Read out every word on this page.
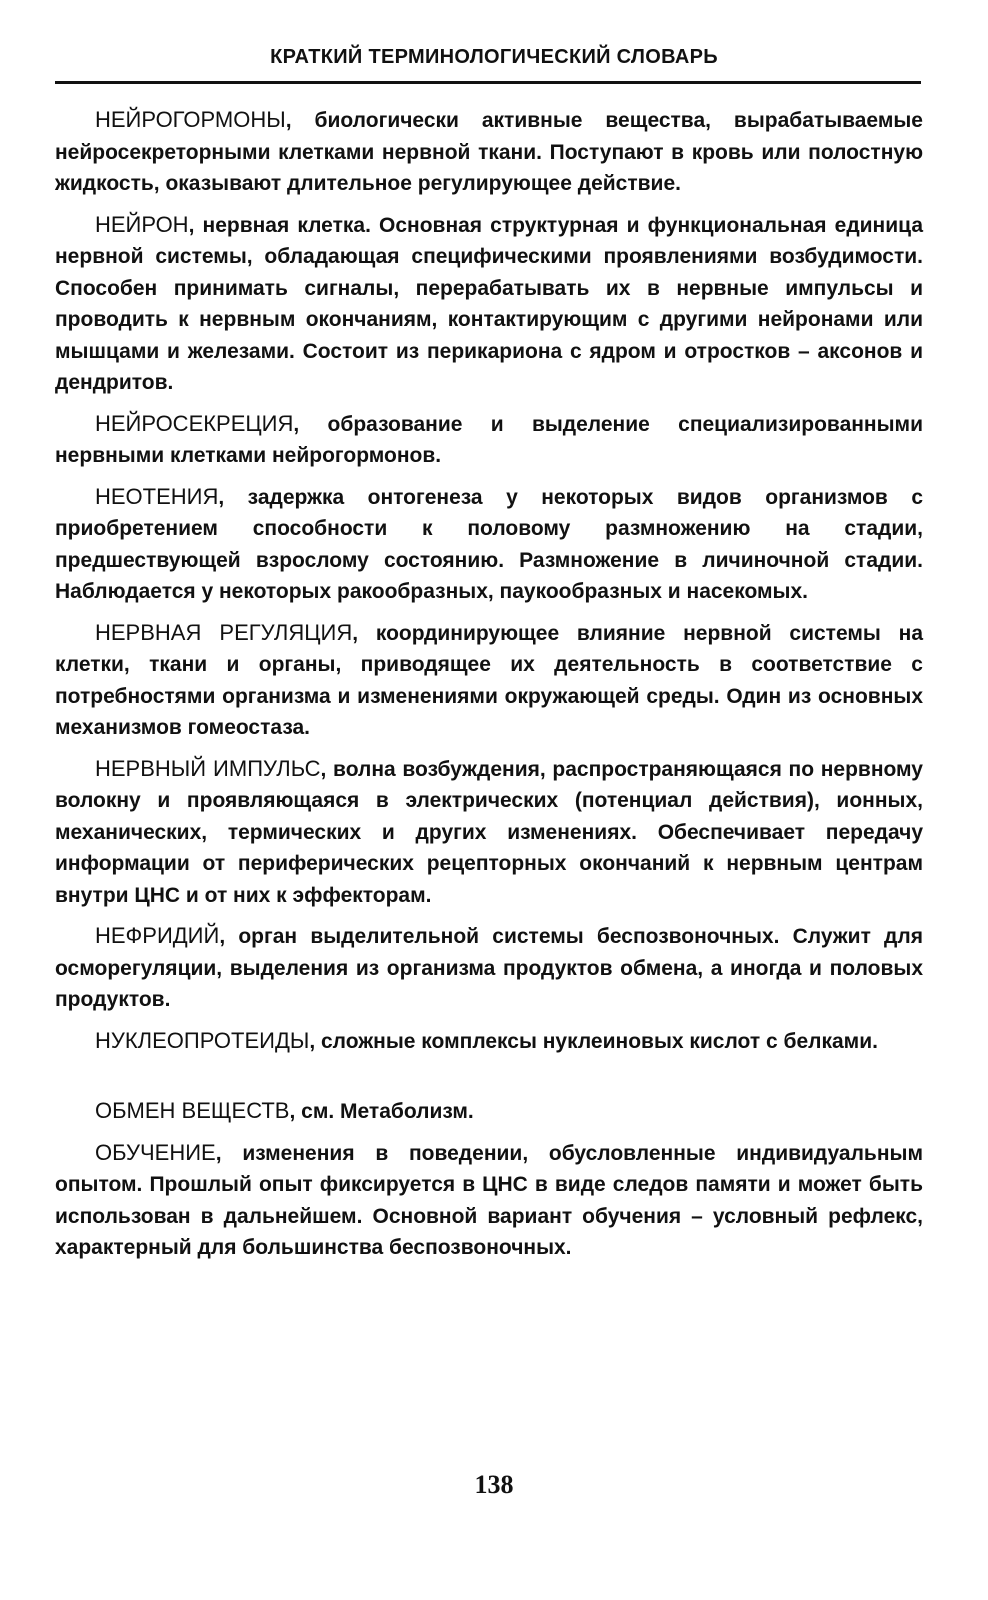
КРАТКИЙ ТЕРМИНОЛОГИЧЕСКИЙ СЛОВАРЬ

НЕЙРОГОРМОНЫ, биологически активные вещества, вырабатываемые нейросекреторными клетками нервной ткани. Поступают в кровь или полостную жидкость, оказывают длительное регулирующее действие.

НЕЙРОН, нервная клетка. Основная структурная и функциональная единица нервной системы, обладающая специфическими проявлениями возбудимости. Способен принимать сигналы, перерабатывать их в нервные импульсы и проводить к нервным окончаниям, контактирующим с другими нейронами или мышцами и железами. Состоит из перикариона с ядром и отростков – аксонов и дендритов.

НЕЙРОСЕКРЕЦИЯ, образование и выделение специализированными нервными клетками нейрогормонов.

НЕОТЕНИЯ, задержка онтогенеза у некоторых видов организмов с приобретением способности к половому размножению на стадии, предшествующей взрослому состоянию. Размножение в личиночной стадии. Наблюдается у некоторых ракообразных, паукообразных и насекомых.

НЕРВНАЯ РЕГУЛЯЦИЯ, координирующее влияние нервной системы на клетки, ткани и органы, приводящее их деятельность в соответствие с потребностями организма и изменениями окружающей среды. Один из основных механизмов гомеостаза.

НЕРВНЫЙ ИМПУЛЬС, волна возбуждения, распространяющаяся по нервному волокну и проявляющаяся в электрических (потенциал действия), ионных, механических, термических и других изменениях. Обеспечивает передачу информации от периферических рецепторных окончаний к нервным центрам внутри ЦНС и от них к эффекторам.

НЕФРИДИЙ, орган выделительной системы беспозвоночных. Служит для осморегуляции, выделения из организма продуктов обмена, а иногда и половых продуктов.

НУКЛЕОПРОТЕИДЫ, сложные комплексы нуклеиновых кислот с белками.

ОБМЕН ВЕЩЕСТВ, см. Метаболизм.

ОБУЧЕНИЕ, изменения в поведении, обусловленные индивидуальным опытом. Прошлый опыт фиксируется в ЦНС в виде следов памяти и может быть использован в дальнейшем. Основной вариант обучения – условный рефлекс, характерный для большинства беспозвоночных.

138
